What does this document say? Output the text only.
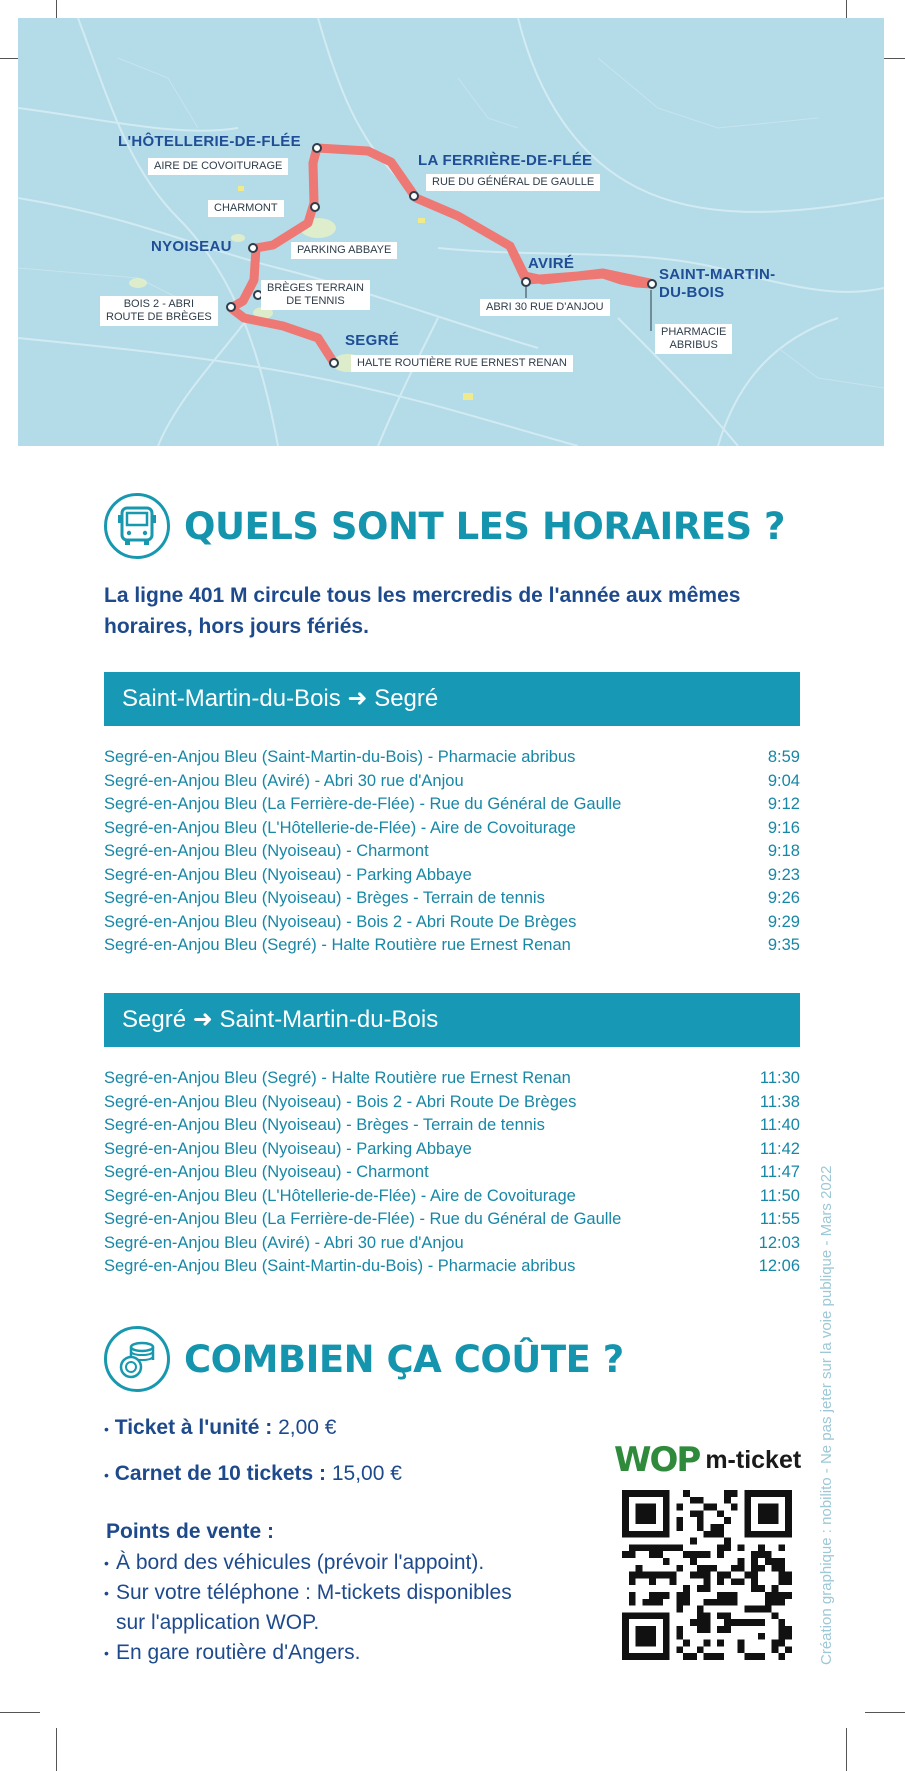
L'HÔTELLERIE-DE-FLÉE
LA FERRIÈRE-DE-FLÉE
NYOISEAU
AVIRÉ
SAINT-MARTIN-
DU-BOIS
SEGRÉ
AIRE DE COVOITURAGE
CHARMONT
PARKING ABBAYE
RUE DU GÉNÉRAL DE GAULLE
ABRI 30 RUE D'ANJOU
BRÈGES TERRAIN
DE TENNIS
BOIS 2 - ABRI
ROUTE DE BRÈGES
PHARMACIE
ABRIBUS
HALTE ROUTIÈRE RUE ERNEST RENAN
QUELS SONT LES HORAIRES ?
La ligne 401 M circule tous les mercredis de l'année aux mêmes
horaires, hors jours fériés.
Saint-Martin-du-Bois ➜ Segré
Segré-en-Anjou Bleu (Saint-Martin-du-Bois) - Pharmacie abribus	8:59
Segré-en-Anjou Bleu (Aviré) - Abri 30 rue d'Anjou	9:04
Segré-en-Anjou Bleu (La Ferrière-de-Flée) - Rue du Général de Gaulle	9:12
Segré-en-Anjou Bleu (L'Hôtellerie-de-Flée) - Aire de Covoiturage	9:16
Segré-en-Anjou Bleu (Nyoiseau) - Charmont	9:18
Segré-en-Anjou Bleu (Nyoiseau) - Parking Abbaye	9:23
Segré-en-Anjou Bleu (Nyoiseau) - Brèges - Terrain de tennis	9:26
Segré-en-Anjou Bleu (Nyoiseau) - Bois 2 - Abri Route De Brèges	9:29
Segré-en-Anjou Bleu (Segré) - Halte Routière rue Ernest Renan	9:35
Segré ➜ Saint-Martin-du-Bois
Segré-en-Anjou Bleu (Segré) - Halte Routière rue Ernest Renan	11:30
Segré-en-Anjou Bleu (Nyoiseau) - Bois 2 - Abri Route De Brèges	11:38
Segré-en-Anjou Bleu (Nyoiseau) - Brèges - Terrain de tennis	11:40
Segré-en-Anjou Bleu (Nyoiseau) - Parking Abbaye	11:42
Segré-en-Anjou Bleu (Nyoiseau) - Charmont	11:47
Segré-en-Anjou Bleu (L'Hôtellerie-de-Flée) - Aire de Covoiturage	11:50
Segré-en-Anjou Bleu (La Ferrière-de-Flée) - Rue du Général de Gaulle	11:55
Segré-en-Anjou Bleu (Aviré) - Abri 30 rue d'Anjou	12:03
Segré-en-Anjou Bleu (Saint-Martin-du-Bois) - Pharmacie abribus	12:06
COMBIEN ÇA COÛTE ?
• Ticket à l'unité : 2,00 €
• Carnet de 10 tickets : 15,00 €
Points de vente :
• À bord des véhicules (prévoir l'appoint).
• Sur votre téléphone : M-tickets disponibles
sur l'application WOP.
• En gare routière d'Angers.
WOP m-ticket Création graphique : nobilito - Ne pas jeter sur la voie publique - Mars 2022
